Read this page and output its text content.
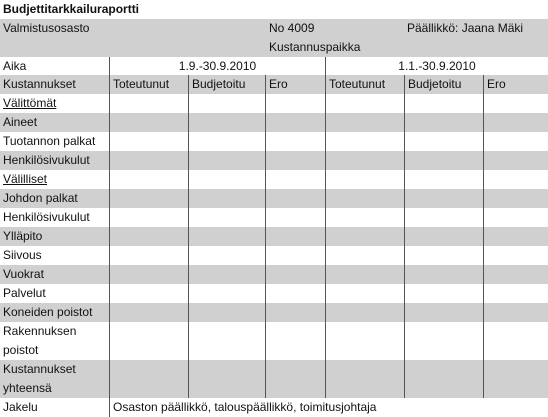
Budjettitarkkailuraportti
Valmistusosasto	No 4009
Kustannuspaikka
Päällikkö: Jaana Mäki
Aika	1.9.-30.9.2010	1.1.-30.9.2010
Kustannukset	Toteutunut	Budjetoitu	Ero	Toteutunut	Budjetoitu	Ero
Välittömät
Aineet
Tuotannon palkat
Henkilösivukulut
Välilliset
Johdon palkat
Henkilösivukulut
Ylläpito
Siivous
Vuokrat
Palvelut
Koneiden poistot
Rakennuksen poistot
Kustannukset yhteensä
Jakelu	Osaston päällikkö, talouspäällikkö, toimitusjohtaja
